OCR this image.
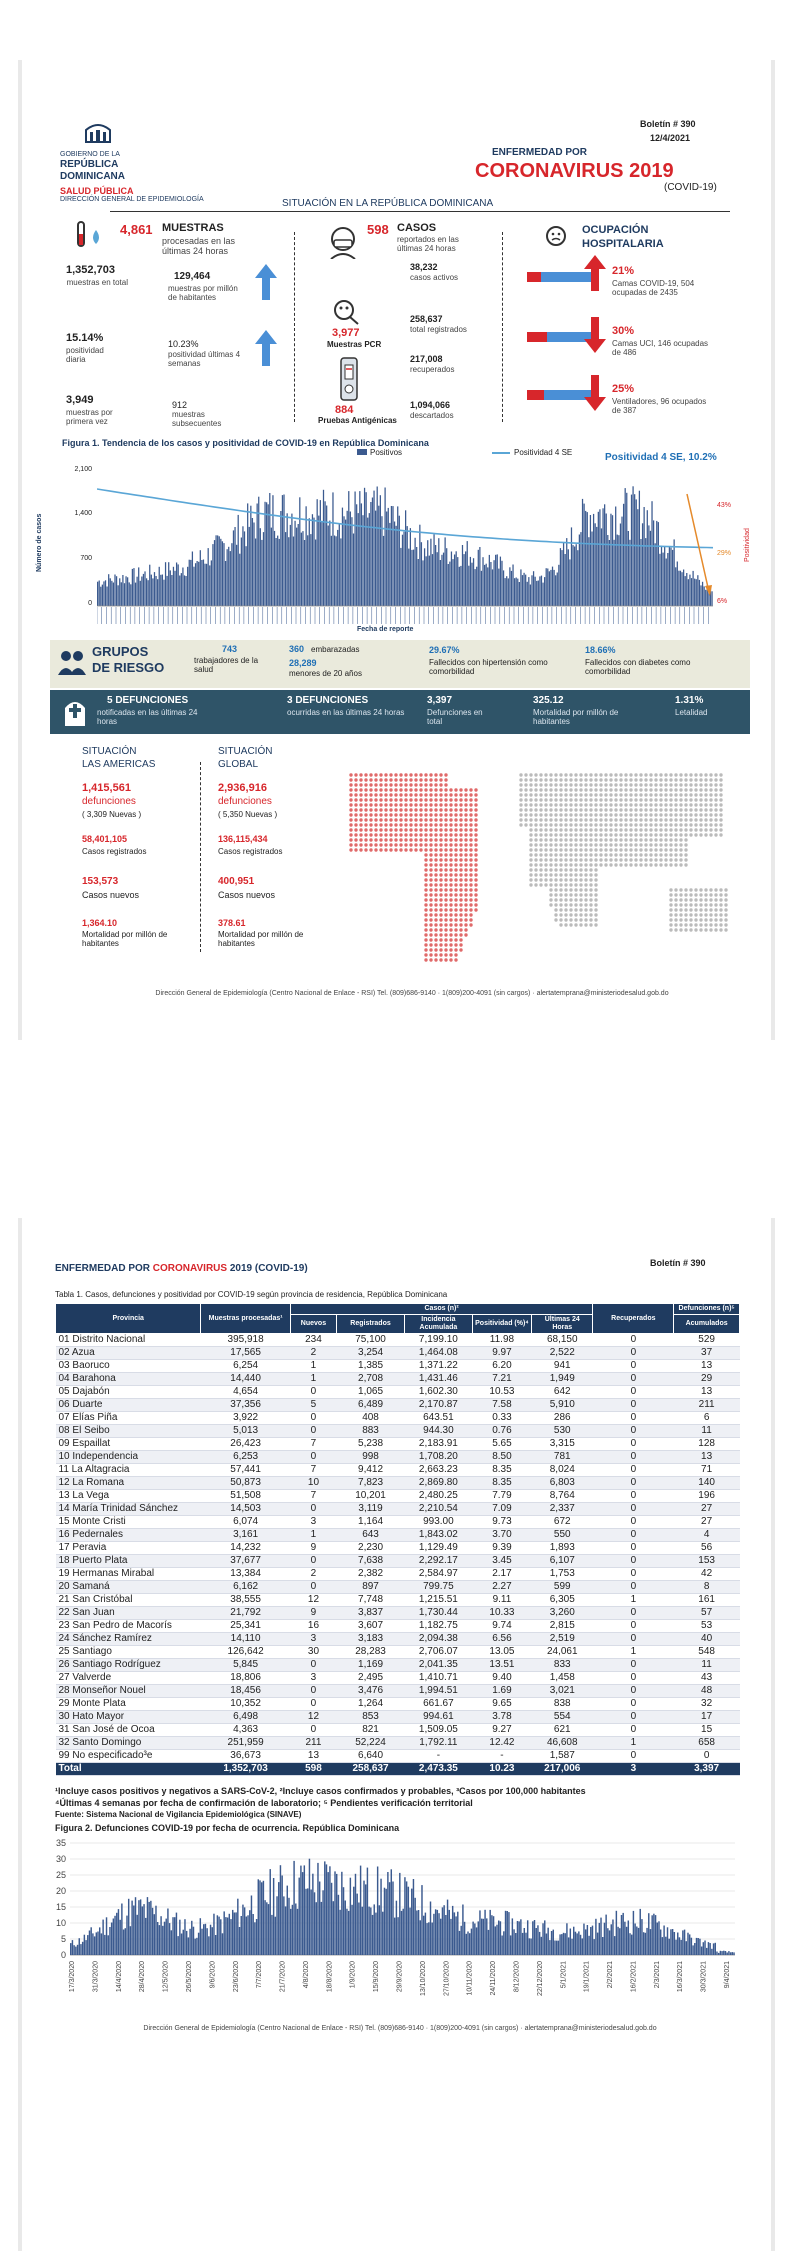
GOBIERNO DE LA
REPÚBLICA DOMINICANA
SALUD PÚBLICA
DIRECCIÓN GENERAL DE EPIDEMIOLOGÍA
Boletín # 390
12/4/2021
ENFERMEDAD POR
CORONAVIRUS 2019
(COVID-19)
SITUACIÓN EN LA REPÚBLICA DOMINICANA
4,861 MUESTRAS
procesadas en las últimas 24 horas
1,352,703
muestras en total
129,464
muestras por millón de habitantes
15.14%
positividad diaria
10.23%
positividad últimas 4 semanas
3,949
muestras por primera vez
912
muestras subsecuentes
598 CASOS
reportados en las últimas 24 horas
3,977
Muestras PCR
884
Pruebas Antigénicas
38,232
casos activos
258,637
total registrados
217,008
recuperados
1,094,066
descartados
OCUPACIÓN
HOSPITALARIA
21%
Camas COVID-19, 504 ocupadas de 2435
30%
Camas UCI, 146 ocupadas de 486
25%
Ventiladores, 96 ocupados de 387
Figura 1. Tendencia de los casos y positividad de COVID-19 en República Dominicana
Positivos	Positividad 4 SE	Positividad 4 SE, 10.2%
2,100
1,400
700
0
Número de casos
43%
29%
6%
Positividad
Fecha de reporte
GRUPOS
DE RIESGO
743
trabajadores de la salud
360 embarazadas
28,289
menores de 20 años
29.67%
Fallecidos con hipertensión como comorbilidad
18.66%
Fallecidos con diabetes como comorbilidad
5 DEFUNCIONES
notificadas en las últimas 24 horas
3 DEFUNCIONES
ocurridas en las últimas 24 horas
3,397
Defunciones en total
325.12
Mortalidad por millón de habitantes
1.31%
Letalidad
SITUACIÓN
LAS AMERICAS
1,415,561
defunciones
( 3,309 Nuevas )
58,401,105
Casos registrados
153,573
Casos nuevos
1,364.10
Mortalidad por millón de habitantes
SITUACIÓN
GLOBAL
2,936,916
defunciones
( 5,350 Nuevas )
136,115,434
Casos registrados
400,951
Casos nuevos
378.61
Mortalidad por millón de habitantes
Dirección General de Epidemiología (Centro Nacional de Enlace - RSI) Tel. (809)686-9140 · 1(809)200-4091 (sin cargos) · alertatemprana@ministeriodesalud.gob.do
ENFERMEDAD POR CORONAVIRUS 2019 (COVID-19)	Boletín # 390
Tabla 1. Casos, defunciones y positividad por COVID-19 según provincia de residencia, República Dominicana
Provincia	Muestras procesadas¹	Casos (n)²					Recuperados	Defunciones (n)⁵
		Nuevos	Registrados	Incidencia Acumulada	Positividad (%)⁴	Últimas 24 Horas		Acumulados
01 Distrito Nacional	395,918	234	75,100	7,199.10	11.98	68,150	0	529
02 Azua	17,565	2	3,254	1,464.08	9.97	2,522	0	37
03 Baoruco	6,254	1	1,385	1,371.22	6.20	941	0	13
04 Barahona	14,440	1	2,708	1,431.46	7.21	1,949	0	29
05 Dajabón	4,654	0	1,065	1,602.30	10.53	642	0	13
06 Duarte	37,356	5	6,489	2,170.87	7.58	5,910	0	211
07 Elías Piña	3,922	0	408	643.51	0.33	286	0	6
08 El Seibo	5,013	0	883	944.30	0.76	530	0	11
09 Espaillat	26,423	7	5,238	2,183.91	5.65	3,315	0	128
10 Independencia	6,253	0	998	1,708.20	8.50	781	0	13
11 La Altagracia	57,441	7	9,412	2,663.23	8.35	8,024	0	71
12 La Romana	50,873	10	7,823	2,869.80	8.35	6,803	0	140
13 La Vega	51,508	7	10,201	2,480.25	7.79	8,764	0	196
14 María Trinidad Sánchez	14,503	0	3,119	2,210.54	7.09	2,337	0	27
15 Monte Cristi	6,074	3	1,164	993.00	9.73	672	0	27
16 Pedernales	3,161	1	643	1,843.02	3.70	550	0	4
17 Peravia	14,232	9	2,230	1,129.49	9.39	1,893	0	56
18 Puerto Plata	37,677	0	7,638	2,292.17	3.45	6,107	0	153
19 Hermanas Mirabal	13,384	2	2,382	2,584.97	2.17	1,753	0	42
20 Samaná	6,162	0	897	799.75	2.27	599	0	8
21 San Cristóbal	38,555	12	7,748	1,215.51	9.11	6,305	1	161
22 San Juan	21,792	9	3,837	1,730.44	10.33	3,260	0	57
23 San Pedro de Macorís	25,341	16	3,607	1,182.75	9.74	2,815	0	53
24 Sánchez Ramírez	14,110	3	3,183	2,094.38	6.56	2,519	0	40
25 Santiago	126,642	30	28,283	2,706.07	13.05	24,061	1	548
26 Santiago Rodríguez	5,845	0	1,169	2,041.35	13.51	833	0	11
27 Valverde	18,806	3	2,495	1,410.71	9.40	1,458	0	43
28 Monseñor Nouel	18,456	0	3,476	1,994.51	1.69	3,021	0	48
29 Monte Plata	10,352	0	1,264	661.67	9.65	838	0	32
30 Hato Mayor	6,498	12	853	994.61	3.78	554	0	17
31 San José de Ocoa	4,363	0	821	1,509.05	9.27	621	0	15
32 Santo Domingo	251,959	211	52,224	1,792.11	12.42	46,608	1	658
99 No especificado³e	36,673	13	6,640	-	-	1,587	0	0
Total	1,352,703	598	258,637	2,473.35	10.23	217,006	3	3,397
¹Incluye casos positivos y negativos a SARS-CoV-2, ²Incluye casos confirmados y probables, ³Casos por 100,000 habitantes
⁴Últimas 4 semanas por fecha de confirmación de laboratorio; ⁵ Pendientes verificación territorial
Fuente: Sistema Nacional de Vigilancia Epidemiológica (SINAVE)
Figura 2. Defunciones COVID-19 por fecha de ocurrencia. República Dominicana
35
30
25
20
15
10
5
0
17/3/2020 31/3/2020 14/4/2020 28/4/2020 12/5/2020 26/5/2020 9/6/2020 23/6/2020 7/7/2020 21/7/2020 4/8/2020 18/8/2020 1/9/2020 15/9/2020 29/9/2020 13/10/2020 27/10/2020 10/11/2020 24/11/2020 8/12/2020 22/12/2020 5/1/2021 19/1/2021 2/2/2021 16/2/2021 2/3/2021 16/3/2021 30/3/2021 9/4/2021
Dirección General de Epidemiología (Centro Nacional de Enlace - RSI) Tel. (809)686-9140 · 1(809)200-4091 (sin cargos) · alertatemprana@ministeriodesalud.gob.do
